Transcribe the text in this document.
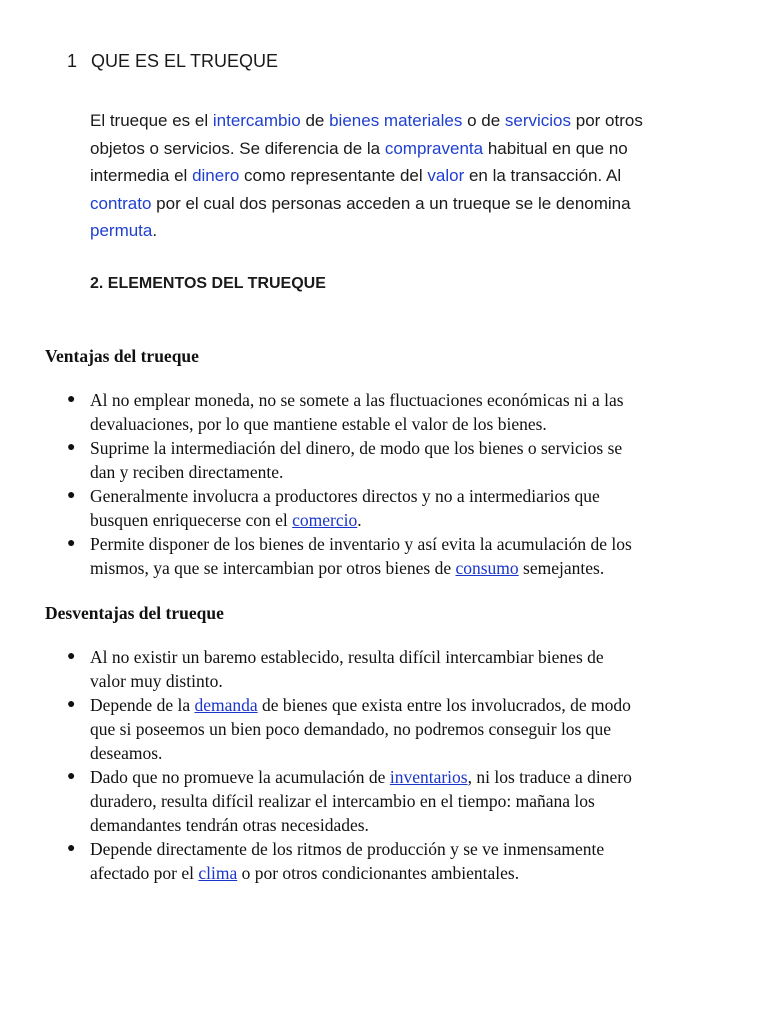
1 QUE ES EL TRUEQUE
El trueque es el intercambio de bienes materiales o de servicios por otros
objetos o servicios. Se diferencia de la compraventa habitual en que no
intermedia el dinero como representante del valor en la transacción. Al
contrato por el cual dos personas acceden a un trueque se le denomina
permuta.
2. ELEMENTOS DEL TRUEQUE
Ventajas del trueque
● Al no emplear moneda, no se somete a las fluctuaciones económicas ni a las
devaluaciones, por lo que mantiene estable el valor de los bienes.
● Suprime la intermediación del dinero, de modo que los bienes o servicios se
dan y reciben directamente.
● Generalmente involucra a productores directos y no a intermediarios que
busquen enriquecerse con el comercio.
● Permite disponer de los bienes de inventario y así evita la acumulación de los
mismos, ya que se intercambian por otros bienes de consumo semejantes.
Desventajas del trueque
● Al no existir un baremo establecido, resulta difícil intercambiar bienes de
valor muy distinto.
● Depende de la demanda de bienes que exista entre los involucrados, de modo
que si poseemos un bien poco demandado, no podremos conseguir los que
deseamos.
● Dado que no promueve la acumulación de inventarios, ni los traduce a dinero
duradero, resulta difícil realizar el intercambio en el tiempo: mañana los
demandantes tendrán otras necesidades.
● Depende directamente de los ritmos de producción y se ve inmensamente
afectado por el clima o por otros condicionantes ambientales.
